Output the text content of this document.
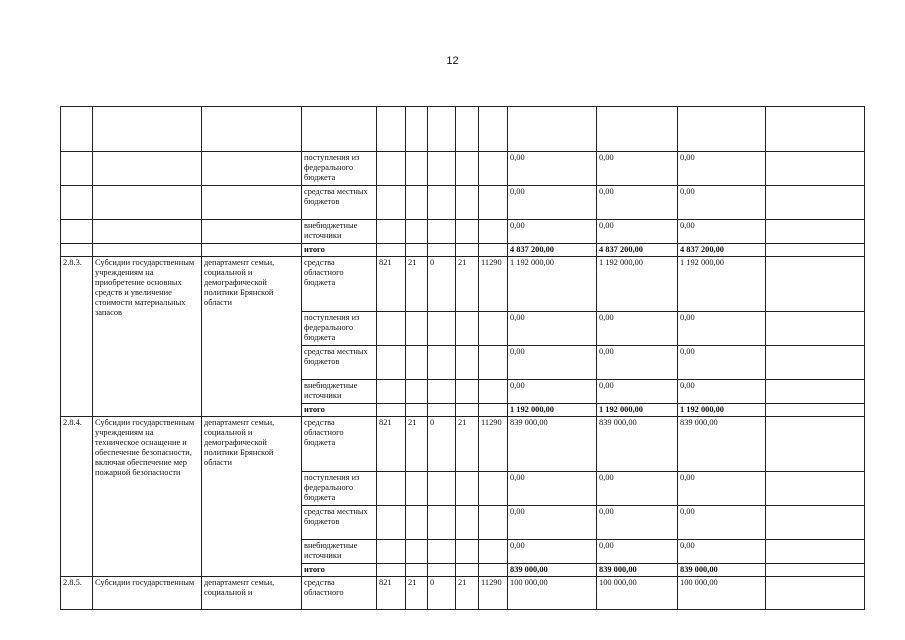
12

			поступления из федерального бюджета						0,00	0,00	0,00	
			средства местных бюджетов						0,00	0,00	0,00	
			внебюджетные источники						0,00	0,00	0,00	
			итого						4 837 200,00	4 837 200,00	4 837 200,00	
2.8.3.	Субсидии государственным учреждениям на приобретение основных средств и увеличение стоимости материальных запасов	департамент семьи, социальной и демографической политики Брянской области	средства областного бюджета	821	21	0	21	11290	1 192 000,00	1 192 000,00	1 192 000,00	
			поступления из федерального бюджета						0,00	0,00	0,00	
			средства местных бюджетов						0,00	0,00	0,00	
			внебюджетные источники						0,00	0,00	0,00	
			итого						1 192 000,00	1 192 000,00	1 192 000,00	
2.8.4.	Субсидии государственным учреждениям на техническое оснащение и обеспечение безопасности, включая обеспечение мер пожарной безопасности	департамент семьи, социальной и демографической политики Брянской области	средства областного бюджета	821	21	0	21	11290	839 000,00	839 000,00	839 000,00	
			поступления из федерального бюджета						0,00	0,00	0,00	
			средства местных бюджетов						0,00	0,00	0,00	
			внебюджетные источники						0,00	0,00	0,00	
			итого						839 000,00	839 000,00	839 000,00	
2.8.5.	Субсидии государственным	департамент семьи, социальной и	средства областного	821	21	0	21	11290	100 000,00	100 000,00	100 000,00	
